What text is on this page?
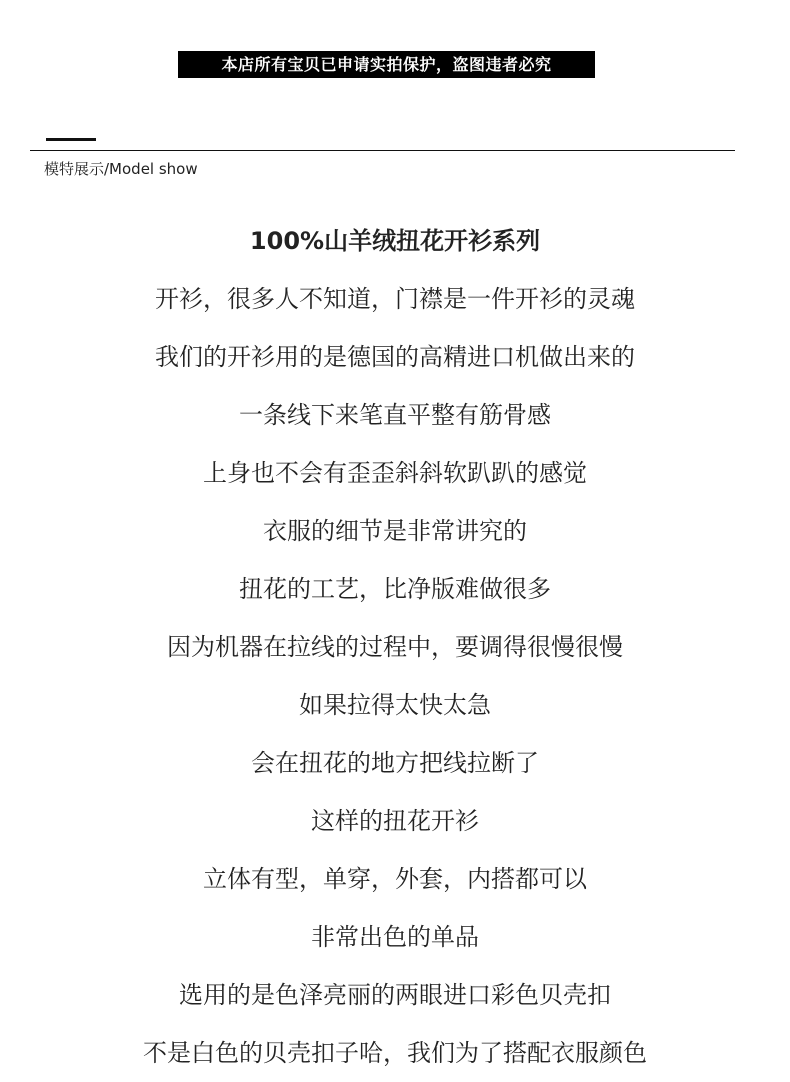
本店所有宝贝已申请实拍保护，盗图违者必究
模特展示/Model show
100%山羊绒扭花开衫系列
开衫，很多人不知道，门襟是一件开衫的灵魂
我们的开衫用的是德国的高精进口机做出来的
一条线下来笔直平整有筋骨感
上身也不会有歪歪斜斜软趴趴的感觉
衣服的细节是非常讲究的
扭花的工艺，比净版难做很多
因为机器在拉线的过程中，要调得很慢很慢
如果拉得太快太急
会在扭花的地方把线拉断了
这样的扭花开衫
立体有型，单穿，外套，内搭都可以
非常出色的单品
选用的是色泽亮丽的两眼进口彩色贝壳扣
不是白色的贝壳扣子哈，我们为了搭配衣服颜色
